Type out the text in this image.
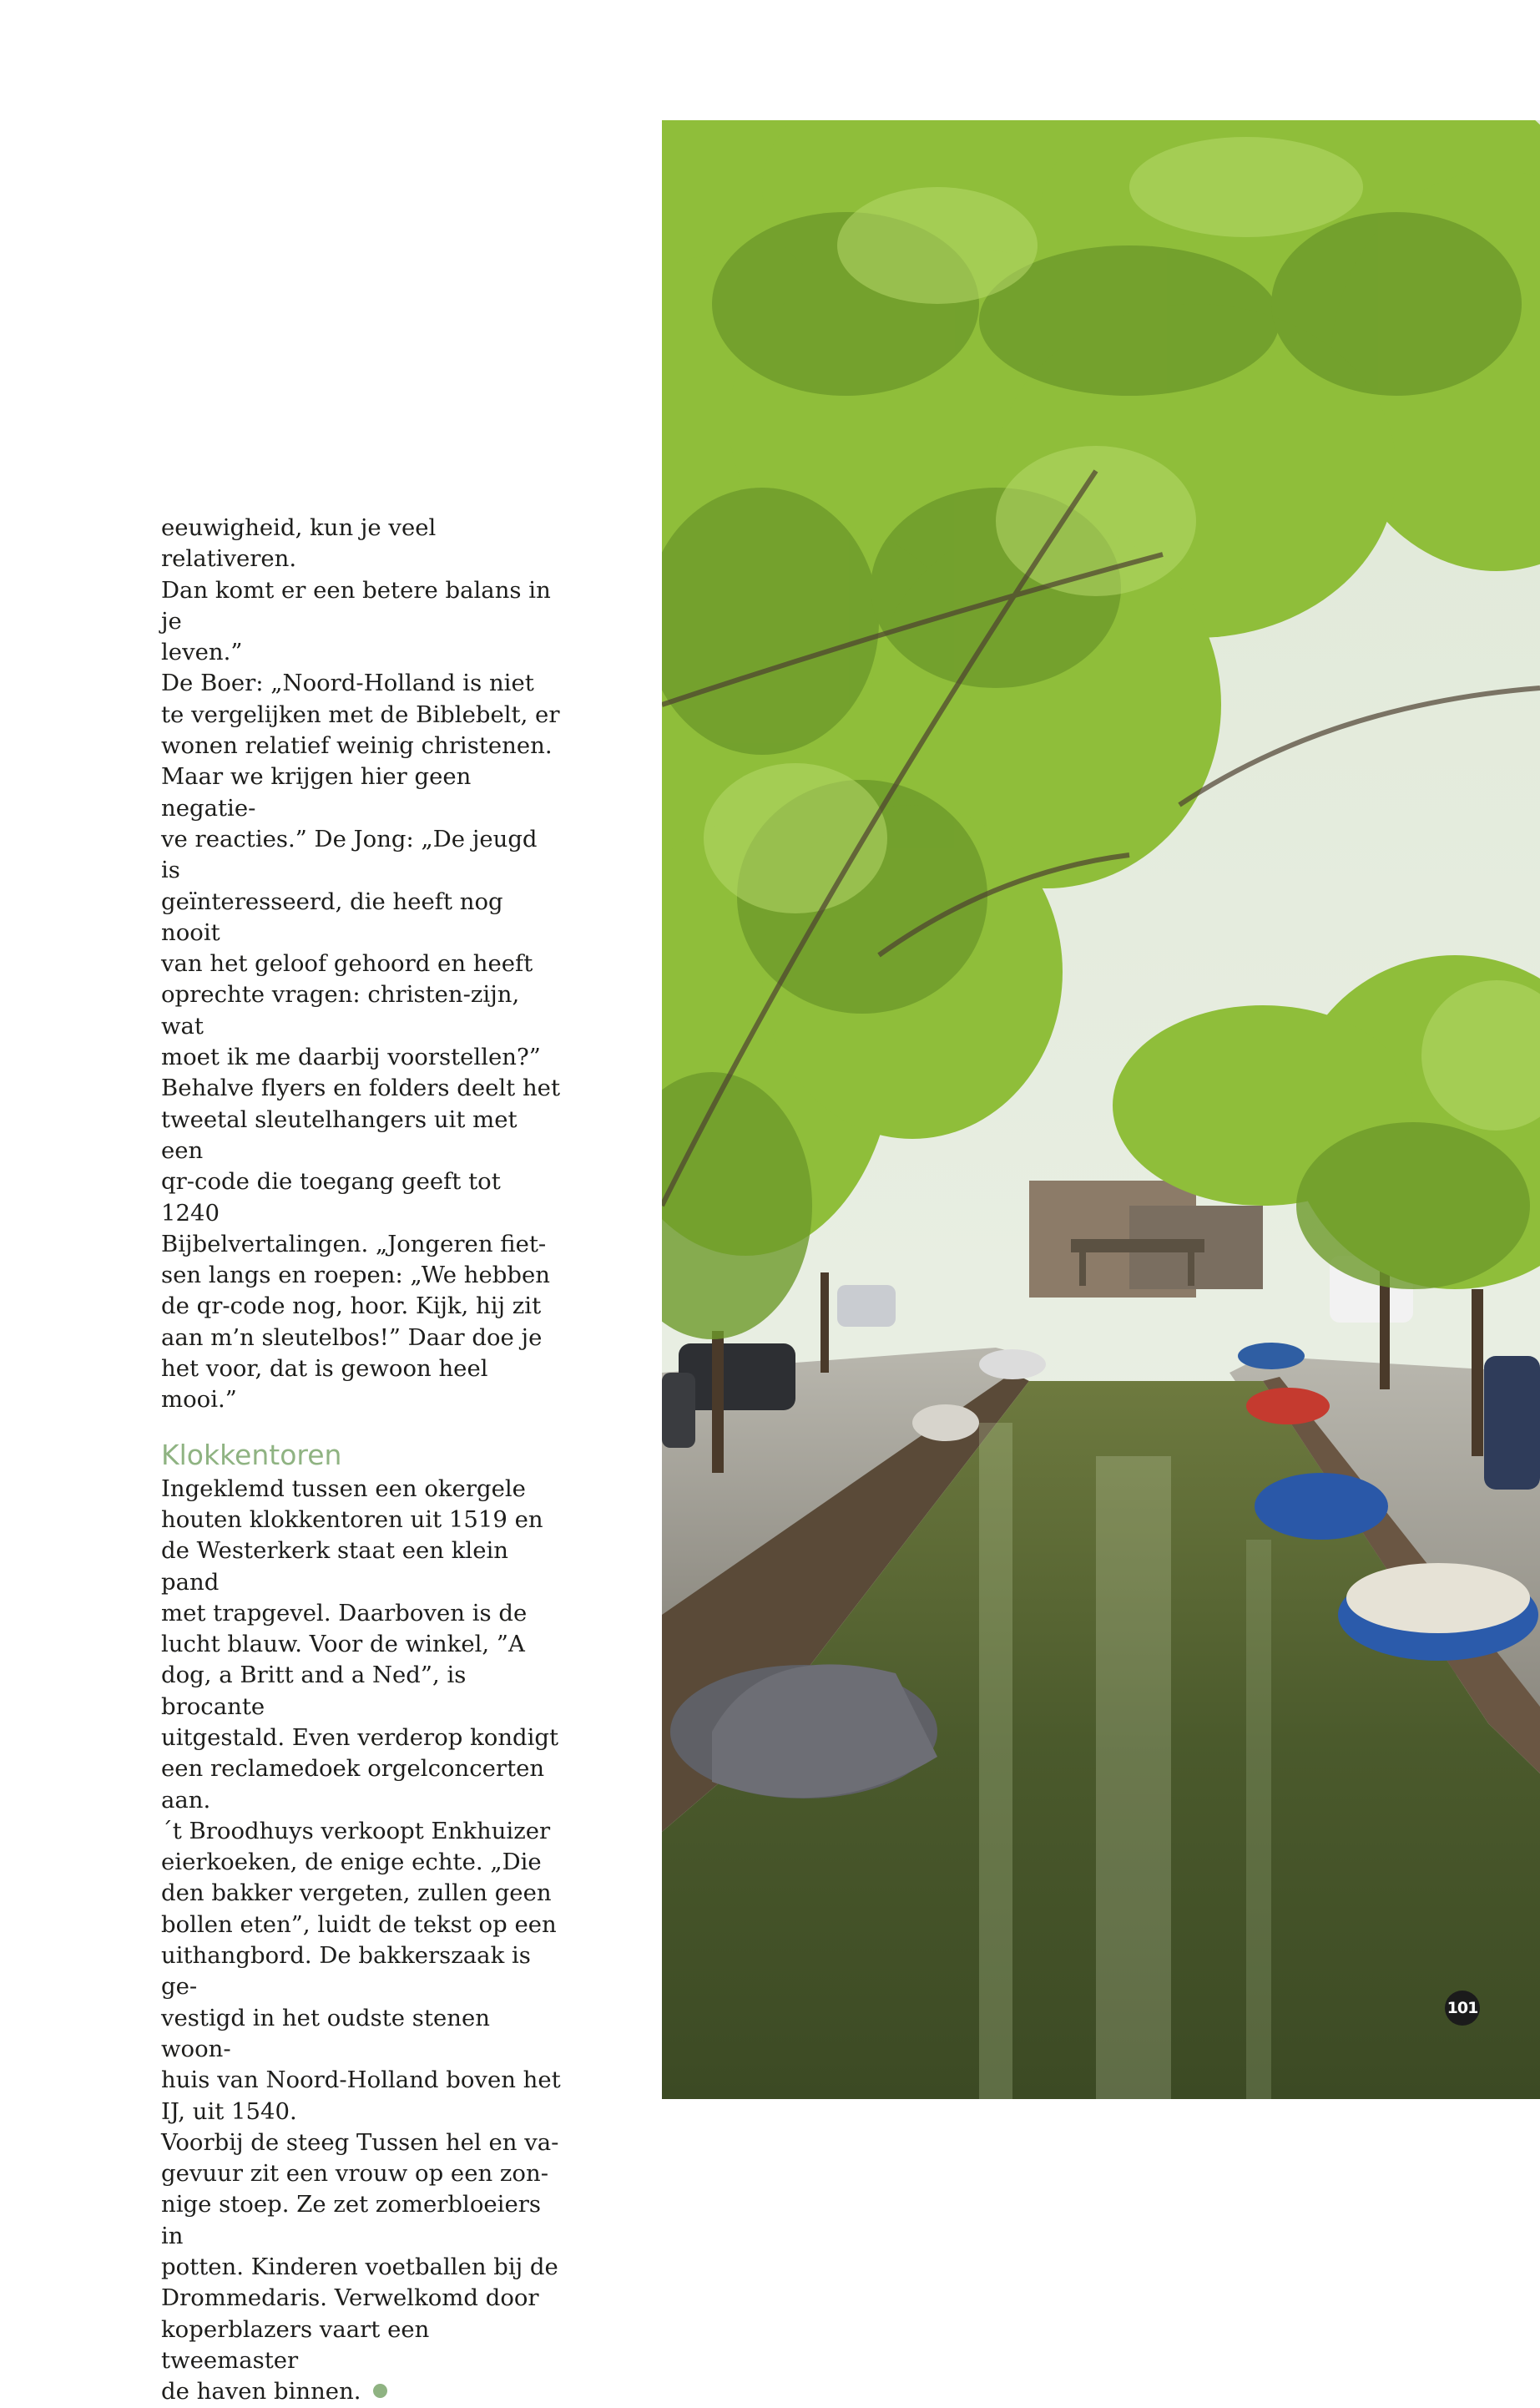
eeuwigheid, kun je veel relativeren.
Dan komt er een betere balans in je
leven.”

De Boer: „Noord-Holland is niet
te vergelijken met de Biblebelt, er
wonen relatief weinig christenen.
Maar we krijgen hier geen negatie-
ve reacties.” De Jong: „De jeugd is
geïnteresseerd, die heeft nog nooit
van het geloof gehoord en heeft
oprechte vragen: christen-zijn, wat
moet ik me daarbij voorstellen?”
Behalve flyers en folders deelt het
tweetal sleutelhangers uit met een
qr-code die toegang geeft tot 1240
Bijbelvertalingen. „Jongeren fiet-
sen langs en roepen: „We hebben
de qr-code nog, hoor. Kijk, hij zit
aan m’n sleutelbos!” Daar doe je
het voor, dat is gewoon heel mooi.”

Klokkentoren

Ingeklemd tussen een okergele
houten klokkentoren uit 1519 en
de Westerkerk staat een klein pand
met trapgevel. Daarboven is de
lucht blauw. Voor de winkel, ”A
dog, a Britt and a Ned”, is brocante
uitgestald. Even verderop kondigt
een reclamedoek orgelconcerten
aan.

´t Broodhuys verkoopt Enkhuizer
eierkoeken, de enige echte. „Die
den bakker vergeten, zullen geen
bollen eten”, luidt de tekst op een
uithangbord. De bakkerszaak is ge-
vestigd in het oudste stenen woon-
huis van Noord-Holland boven het
IJ, uit 1540.

Voorbij de steeg Tussen hel en va-
gevuur zit een vrouw op een zon-
nige stoep. Ze zet zomerbloeiers in
potten. Kinderen voetballen bij de
Drommedaris. Verwelkomd door
koperblazers vaart een tweemaster
de haven binnen.

101
